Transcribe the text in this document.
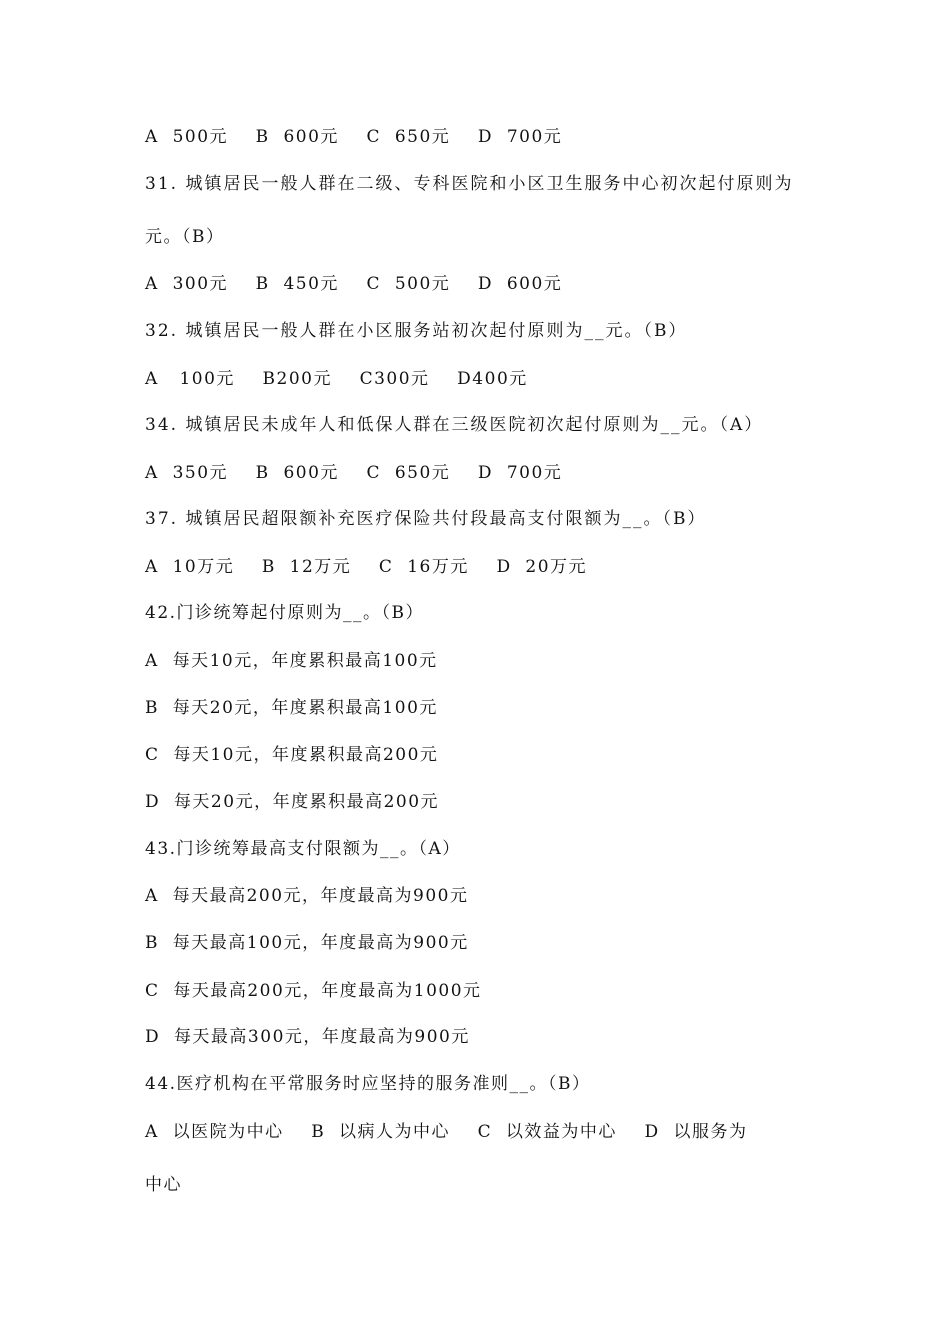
A  500元    B  600元    C  650元    D  700元
31. 城镇居民一般人群在二级、专科医院和小区卫生服务中心初次起付原则为
元。（B）
A  300元    B  450元    C  500元    D  600元
32. 城镇居民一般人群在小区服务站初次起付原则为__元。（B）
A   100元    B200元    C300元    D400元
34. 城镇居民未成年人和低保人群在三级医院初次起付原则为__元。（A）
A  350元    B  600元    C  650元    D  700元
37. 城镇居民超限额补充医疗保险共付段最高支付限额为__。（B）
A  10万元    B  12万元    C  16万元    D  20万元
42.门诊统筹起付原则为__。（B）
A  每天10元，年度累积最高100元
B  每天20元，年度累积最高100元
C  每天10元，年度累积最高200元
D  每天20元，年度累积最高200元
43.门诊统筹最高支付限额为__。（A）
A  每天最高200元，年度最高为900元
B  每天最高100元，年度最高为900元
C  每天最高200元，年度最高为1000元
D  每天最高300元，年度最高为900元
44.医疗机构在平常服务时应坚持的服务准则__。（B）
A  以医院为中心    B  以病人为中心    C  以效益为中心    D  以服务为
中心
